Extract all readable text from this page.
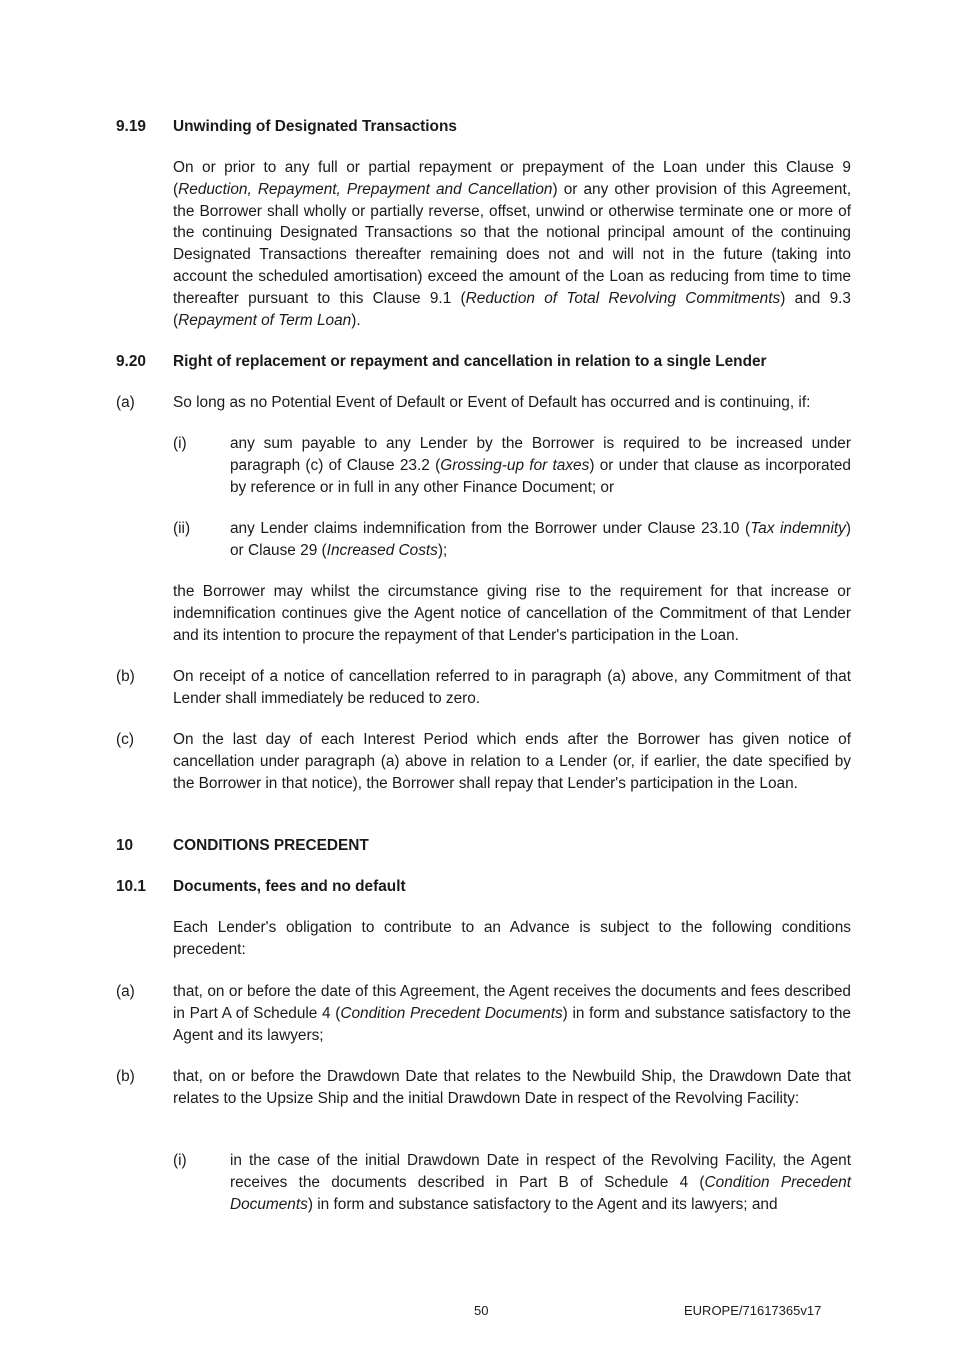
9.19 Unwinding of Designated Transactions
On or prior to any full or partial repayment or prepayment of the Loan under this Clause 9 (Reduction, Repayment, Prepayment and Cancellation) or any other provision of this Agreement, the Borrower shall wholly or partially reverse, offset, unwind or otherwise terminate one or more of the continuing Designated Transactions so that the notional principal amount of the continuing Designated Transactions thereafter remaining does not and will not in the future (taking into account the scheduled amortisation) exceed the amount of the Loan as reducing from time to time thereafter pursuant to this Clause 9.1 (Reduction of Total Revolving Commitments) and 9.3 (Repayment of Term Loan).
9.20 Right of replacement or repayment and cancellation in relation to a single Lender
(a) So long as no Potential Event of Default or Event of Default has occurred and is continuing, if:
(i)	any sum payable to any Lender by the Borrower is required to be increased under paragraph (c) of Clause 23.2 (Grossing-up for taxes) or under that clause as incorporated by reference or in full in any other Finance Document; or
(ii)	any Lender claims indemnification from the Borrower under Clause 23.10 (Tax indemnity) or Clause 29 (Increased Costs);
the Borrower may whilst the circumstance giving rise to the requirement for that increase or indemnification continues give the Agent notice of cancellation of the Commitment of that Lender and its intention to procure the repayment of that Lender's participation in the Loan.
(b) On receipt of a notice of cancellation referred to in paragraph (a) above, any Commitment of that Lender shall immediately be reduced to zero.
(c)	On the last day of each Interest Period which ends after the Borrower has given notice of cancellation under paragraph (a) above in relation to a Lender (or, if earlier, the date specified by the Borrower in that notice), the Borrower shall repay that Lender's participation in the Loan.
10	CONDITIONS PRECEDENT
10.1 Documents, fees and no default
Each Lender's obligation to contribute to an Advance is subject to the following conditions precedent:
(a) that, on or before the date of this Agreement, the Agent receives the documents and fees described in Part A of Schedule 4 (Condition Precedent Documents) in form and substance satisfactory to the Agent and its lawyers;
(b) that, on or before the Drawdown Date that relates to the Newbuild Ship, the Drawdown Date that relates to the Upsize Ship and the initial Drawdown Date in respect of the Revolving Facility:
(i)	in the case of the initial Drawdown Date in respect of the Revolving Facility, the Agent receives the documents described in Part B of Schedule 4 (Condition Precedent Documents) in form and substance satisfactory to the Agent and its lawyers; and
50	EUROPE/71617365v17
